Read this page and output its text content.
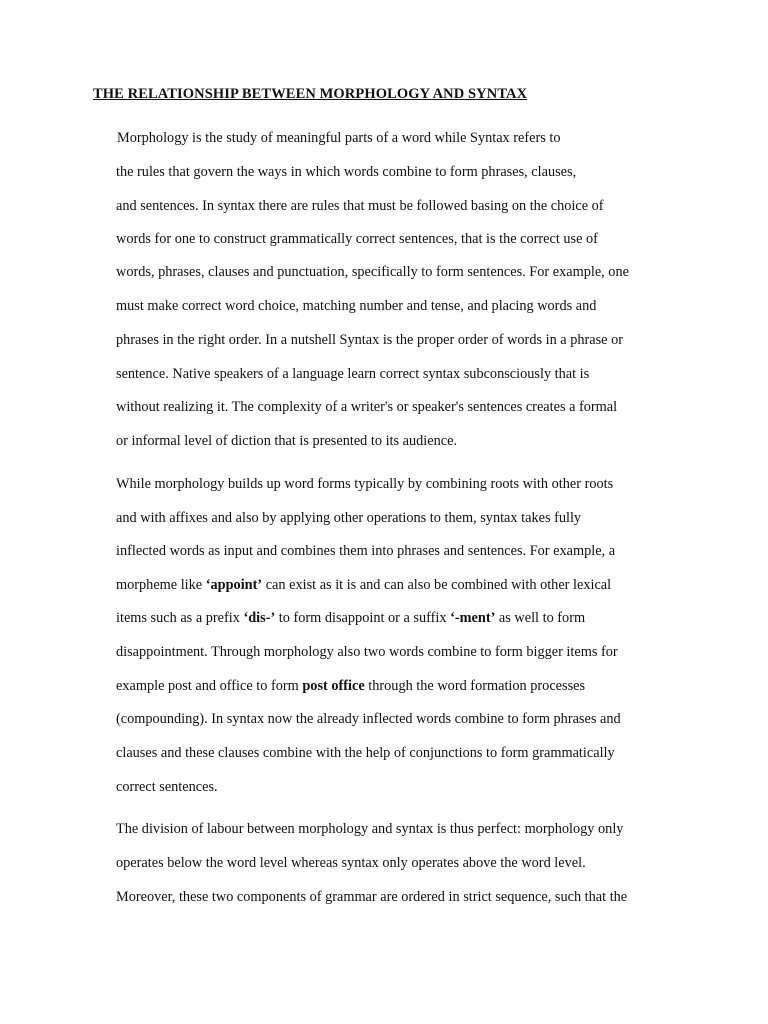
THE RELATIONSHIP BETWEEN MORPHOLOGY AND SYNTAX
Morphology is the study of meaningful parts of a word while Syntax refers to
the rules that govern the ways in which words combine to form phrases, clauses,
and sentences. In syntax there are rules that must be followed basing on the choice of
words for one to construct grammatically correct sentences, that is the correct use of
words, phrases, clauses and punctuation, specifically to form sentences. For example, one
must make correct word choice, matching number and tense, and placing words and
phrases in the right order. In a nutshell Syntax is the proper order of words in a phrase or
sentence. Native speakers of a language learn correct syntax subconsciously that is
without realizing it. The complexity of a writer's or speaker's sentences creates a formal
or informal level of diction that is presented to its audience.
While morphology builds up word forms typically by combining roots with other roots
and with affixes and also by applying other operations to them, syntax takes fully
inflected words as input and combines them into phrases and sentences. For example, a
morpheme like ‘appoint’ can exist as it is and can also be combined with other lexical
items such as a prefix ‘dis-’ to form disappoint or a suffix ‘-ment’ as well to form
disappointment. Through morphology also two words combine to form bigger items for
example post and office to form post office through the word formation processes
(compounding). In syntax now the already inflected words combine to form phrases and
clauses and these clauses combine with the help of conjunctions to form grammatically
correct sentences.
The division of labour between morphology and syntax is thus perfect: morphology only
operates below the word level whereas syntax only operates above the word level.
Moreover, these two components of grammar are ordered in strict sequence, such that the
